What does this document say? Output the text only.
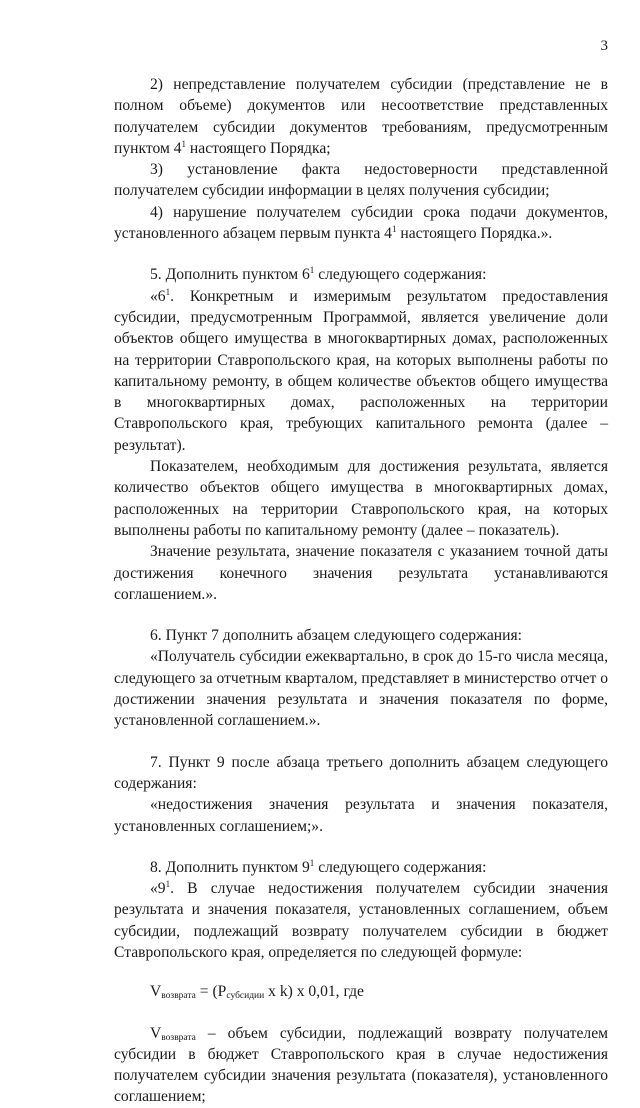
3

2) непредставление получателем субсидии (представление не в полном объеме) документов или несоответствие представленных получателем субсидии документов требованиям, предусмотренным пунктом $4^1$ настоящего Порядка;

3) установление факта недостоверности представленной получателем субсидии информации в целях получения субсидии;

4) нарушение получателем субсидии срока подачи документов, установленного абзацем первым пункта $4^1$ настоящего Порядка.».

5. Дополнить пунктом $6^1$ следующего содержания:

«$6^1$. Конкретным и измеримым результатом предоставления субсидии, предусмотренным Программой, является увеличение доли объектов общего имущества в многоквартирных домах, расположенных на территории Ставропольского края, на которых выполнены работы по капитальному ремонту, в общем количестве объектов общего имущества в многоквартирных домах, расположенных на территории Ставропольского края, требующих капитального ремонта (далее – результат).

Показателем, необходимым для достижения результата, является количество объектов общего имущества в многоквартирных домах, расположенных на территории Ставропольского края, на которых выполнены работы по капитальному ремонту (далее – показатель).

Значение результата, значение показателя с указанием точной даты достижения конечного значения результата устанавливаются соглашением.».

6. Пункт 7 дополнить абзацем следующего содержания:

«Получатель субсидии ежеквартально, в срок до 15-го числа месяца, следующего за отчетным кварталом, представляет в министерство отчет о достижении значения результата и значения показателя по форме, установленной соглашением.».

7. Пункт 9 после абзаца третьего дополнить абзацем следующего содержания:

«недостижения значения результата и значения показателя, установленных соглашением;».

8. Дополнить пунктом $9^1$ следующего содержания:

«$9^1$. В случае недостижения получателем субсидии значения результата и значения показателя, установленных соглашением, объем субсидии, подлежащий возврату получателем субсидии в бюджет Ставропольского края, определяется по следующей формуле:

$V_{возврата} = (P_{субсидии}$ x k) x 0,01, где

$V_{возврата}$ – объем субсидии, подлежащий возврату получателем субсидии в бюджет Ставропольского края в случае недостижения получателем субсидии значения результата (показателя), установленного соглашением;
